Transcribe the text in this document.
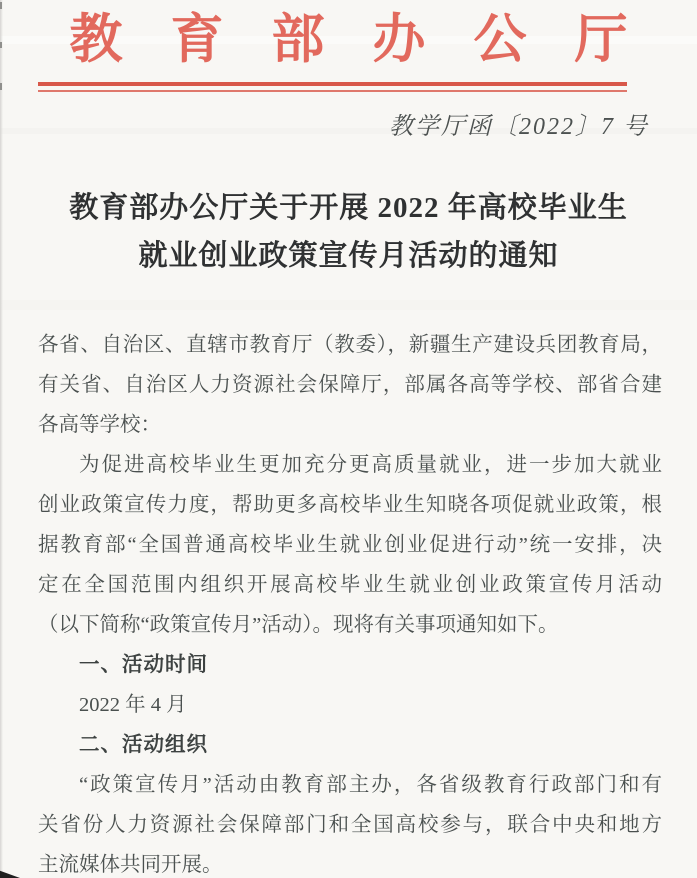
教育部办公厅
教学厅函〔2022〕7 号
教育部办公厅关于开展 2022 年高校毕业生
就业创业政策宣传月活动的通知
各省、自治区、直辖市教育厅（教委），新疆生产建设兵团教育局，
有关省、自治区人力资源社会保障厅，部属各高等学校、部省合建
各高等学校：
为促进高校毕业生更加充分更高质量就业，进一步加大就业
创业政策宣传力度，帮助更多高校毕业生知晓各项促就业政策，根
据教育部“全国普通高校毕业生就业创业促进行动”统一安排，决
定在全国范围内组织开展高校毕业生就业创业政策宣传月活动
（以下简称“政策宣传月”活动）。现将有关事项通知如下。
一、活动时间
2022 年 4 月
二、活动组织
“政策宣传月”活动由教育部主办，各省级教育行政部门和有
关省份人力资源社会保障部门和全国高校参与，联合中央和地方
主流媒体共同开展。
